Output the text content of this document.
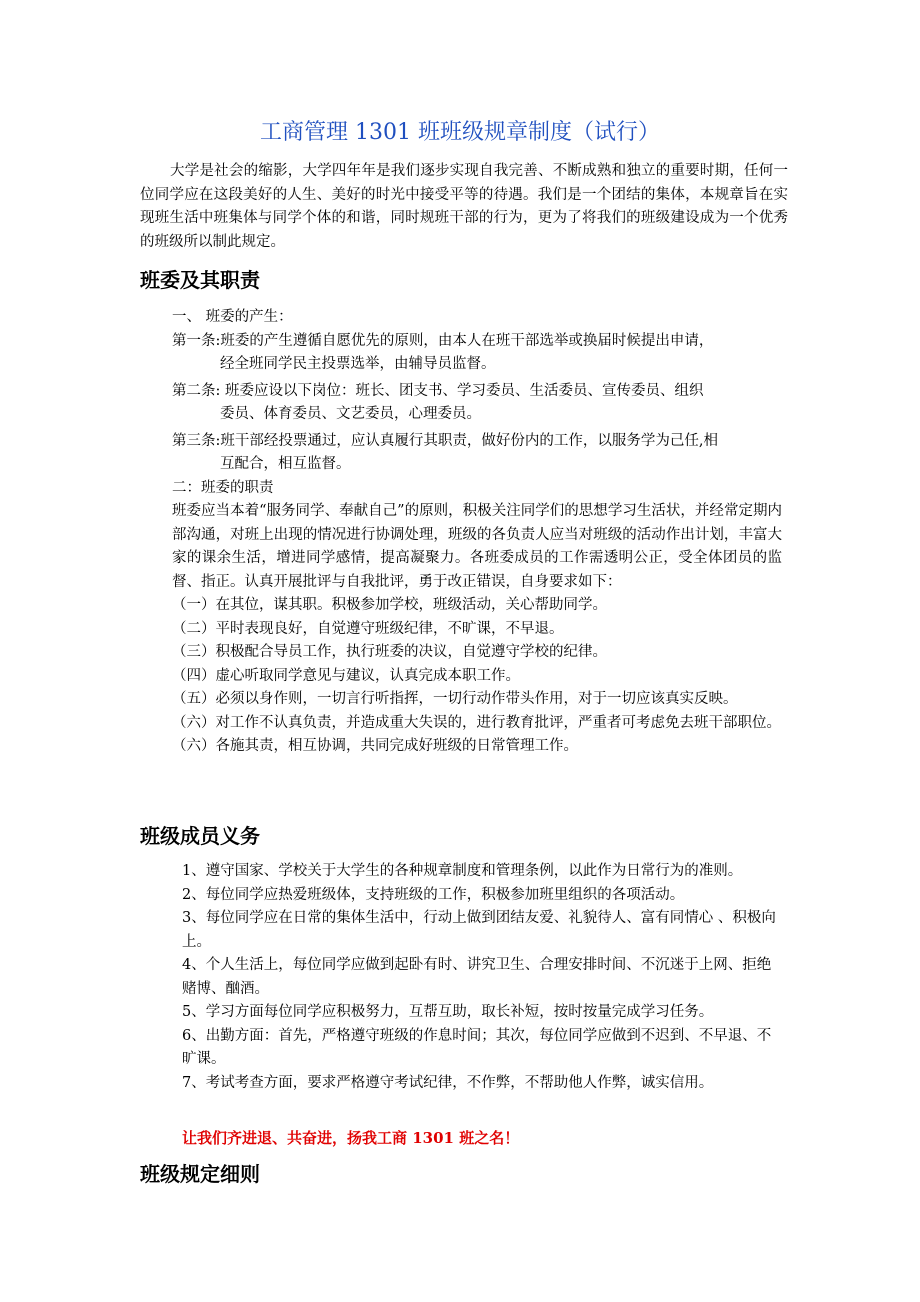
工商管理 1301 班班级规章制度（试行）
大学是社会的缩影，大学四年年是我们逐步实现自我完善、不断成熟和独立的重要时期，任何一位同学应在这段美好的人生、美好的时光中接受平等的待遇。我们是一个团结的集体，本规章旨在实现班生活中班集体与同学个体的和谐，同时规班干部的行为，更为了将我们的班级建设成为一个优秀的班级所以制此规定。
班委及其职责
一、 班委的产生：
第一条:班委的产生遵循自愿优先的原则，由本人在班干部选举或换届时候提出申请，
经全班同学民主投票选举，由辅导员监督。
第二条: 班委应设以下岗位：班长、团支书、学习委员、生活委员、宣传委员、组织
委员、体育委员、文艺委员，心理委员。
第三条:班干部经投票通过，应认真履行其职责，做好份内的工作，以服务学为己任,相
互配合，相互监督。
二：班委的职责
班委应当本着“服务同学、奉献自己”的原则，积极关注同学们的思想学习生活状，并经常定期内部沟通，对班上出现的情况进行协调处理，班级的各负责人应当对班级的活动作出计划，丰富大家的课余生活，增进同学感情，提高凝聚力。各班委成员的工作需透明公正，受全体团员的监督、指正。认真开展批评与自我批评，勇于改正错误，自身要求如下：
（一）在其位，谋其职。积极参加学校，班级活动，关心帮助同学。
（二）平时表现良好，自觉遵守班级纪律，不旷课，不早退。
（三）积极配合导员工作，执行班委的决议，自觉遵守学校的纪律。
（四）虚心听取同学意见与建议，认真完成本职工作。
（五）必须以身作则，一切言行听指挥，一切行动作带头作用，对于一切应该真实反映。
（六）对工作不认真负责，并造成重大失误的，进行教育批评，严重者可考虑免去班干部职位。
（六）各施其责，相互协调，共同完成好班级的日常管理工作。
班级成员义务
1、遵守国家、学校关于大学生的各种规章制度和管理条例，以此作为日常行为的准则。
2、每位同学应热爱班级体，支持班级的工作，积极参加班里组织的各项活动。
3、每位同学应在日常的集体生活中，行动上做到团结友爱、礼貌待人、富有同情心 、积极向上。
4、个人生活上，每位同学应做到起卧有时、讲究卫生、合理安排时间、不沉迷于上网、拒绝赌博、酗酒。
5、学习方面每位同学应积极努力，互帮互助，取长补短，按时按量完成学习任务。
6、出勤方面：首先，严格遵守班级的作息时间；其次，每位同学应做到不迟到、不早退、不旷课。
7、考试考查方面，要求严格遵守考试纪律，不作弊，不帮助他人作弊，诚实信用。
让我们齐进退、共奋进，扬我工商 1301 班之名！
班级规定细则
